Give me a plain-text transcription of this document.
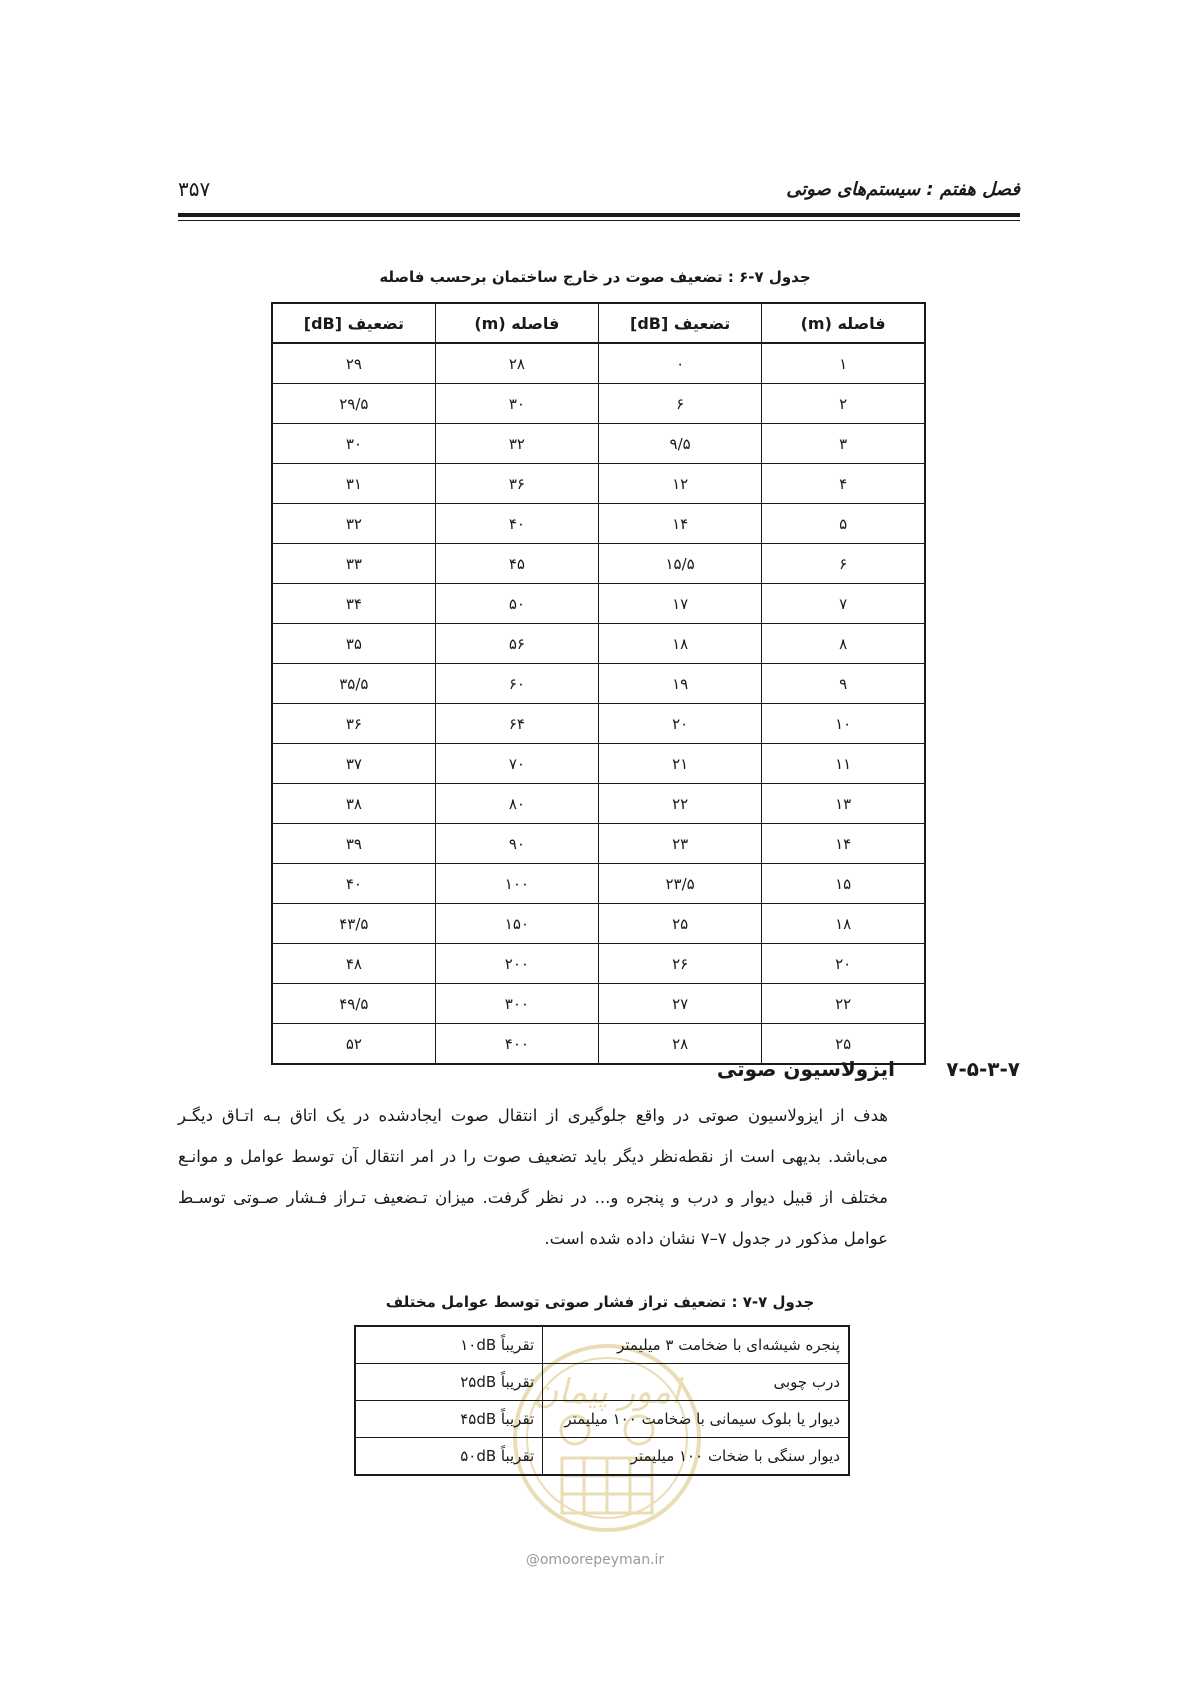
۳۵۷	فصل هفتم : سیستم‌های صوتی
جدول ۷-۶ : تضعیف صوت در خارج ساختمان برحسب فاصله
فاصله (m)	تضعیف [dB]	فاصله (m)	تضعیف [dB]
۱	۰	۲۸	۲۹
۲	۶	۳۰	۲۹/۵
۳	۹/۵	۳۲	۳۰
۴	۱۲	۳۶	۳۱
۵	۱۴	۴۰	۳۲
۶	۱۵/۵	۴۵	۳۳
۷	۱۷	۵۰	۳۴
۸	۱۸	۵۶	۳۵
۹	۱۹	۶۰	۳۵/۵
۱۰	۲۰	۶۴	۳۶
۱۱	۲۱	۷۰	۳۷
۱۳	۲۲	۸۰	۳۸
۱۴	۲۳	۹۰	۳۹
۱۵	۲۳/۵	۱۰۰	۴۰
۱۸	۲۵	۱۵۰	۴۳/۵
۲۰	۲۶	۲۰۰	۴۸
۲۲	۲۷	۳۰۰	۴۹/۵
۲۵	۲۸	۴۰۰	۵۲
۷-۵-۳-۷
ایزولاسیون صوتی
هدف از ایزولاسیون صوتی در واقع جلوگیری از انتقال صوت ایجادشده در یک اتاق بـه اتـاق دیگـر می‌باشد. بدیهی است از نقطه‌نظر دیگر باید تضعیف صوت را در امر انتقال آن توسط عوامل و موانـع مختلف از قبیل دیوار و درب و پنجره و... در نظر گرفت. میزان تـضعیف تـراز فـشار صـوتی توسـط عوامل مذکور در جدول ۷–۷ نشان داده شده است.
جدول ۷-۷ : تضعیف تراز فشار صوتی توسط عوامل مختلف
امور پیمان
پنجره شیشه‌ای با ضخامت ۳ میلیمتر	تقریباً ۱۰dB
درب چوبی	تقریباً ۲۵dB
دیوار یا بلوک سیمانی با ضخامت ۱۰۰ میلیمتر	تقریباً ۴۵dB
دیوار سنگی با ضخات ۱۰۰ میلیمتر	تقریباً ۵۰dB
@omoorepeyman.ir
